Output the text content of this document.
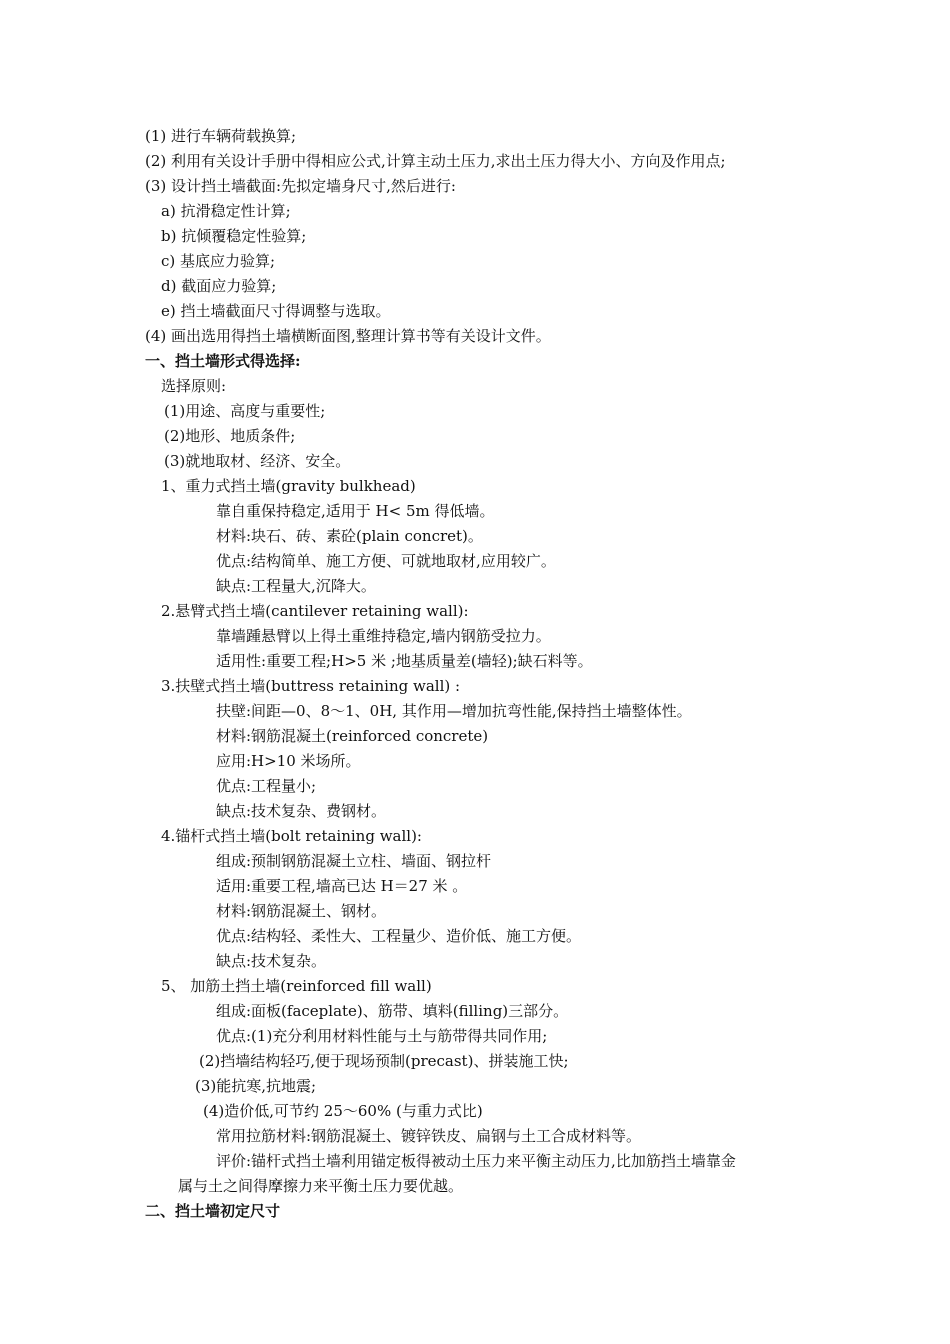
(1) 进行车辆荷载换算;
(2) 利用有关设计手册中得相应公式,计算主动土压力,求出土压力得大小、方向及作用点;
(3) 设计挡土墙截面:先拟定墙身尺寸,然后进行:
a) 抗滑稳定性计算;
b) 抗倾覆稳定性验算;
c) 基底应力验算;
d) 截面应力验算;
e) 挡土墙截面尺寸得调整与选取。
(4) 画出选用得挡土墙横断面图,整理计算书等有关设计文件。
一、挡土墙形式得选择:
选择原则:
(1)用途、高度与重要性;
(2)地形、地质条件;
(3)就地取材、经济、安全。
1、重力式挡土墙(gravity bulkhead)
靠自重保持稳定,适用于 H< 5m 得低墙。
材料:块石、砖、素砼(plain concret)。
优点:结构简单、施工方便、可就地取材,应用较广。
缺点:工程量大,沉降大。
2.悬臂式挡土墙(cantilever retaining wall):
靠墙踵悬臂以上得土重维持稳定,墙内钢筋受拉力。
适用性:重要工程;H>5 米 ;地基质量差(墙轻);缺石料等。
3.扶壁式挡土墙(buttress retaining wall) :
扶壁:间距—0、8～1、0H, 其作用—增加抗弯性能,保持挡土墙整体性。
材料:钢筋混凝土(reinforced concrete)
应用:H>10 米场所。
优点:工程量小;
缺点:技术复杂、费钢材。
4.锚杆式挡土墙(bolt retaining wall):
组成:预制钢筋混凝土立柱、墙面、钢拉杆
适用:重要工程,墙高已达 H＝27 米 。
材料:钢筋混凝土、钢材。
优点:结构轻、柔性大、工程量少、造价低、施工方便。
缺点:技术复杂。
5、 加筋土挡土墙(reinforced fill wall)
组成:面板(faceplate)、筋带、填料(filling)三部分。
优点:(1)充分利用材料性能与土与筋带得共同作用;
(2)挡墙结构轻巧,便于现场预制(precast)、拼装施工快;
(3)能抗寒,抗地震;
(4)造价低,可节约 25～60% (与重力式比)
常用拉筋材料:钢筋混凝土、镀锌铁皮、扁钢与土工合成材料等。
评价:锚杆式挡土墙利用锚定板得被动土压力来平衡主动压力,比加筋挡土墙靠金
属与土之间得摩擦力来平衡土压力要优越。
二、挡土墙初定尺寸
